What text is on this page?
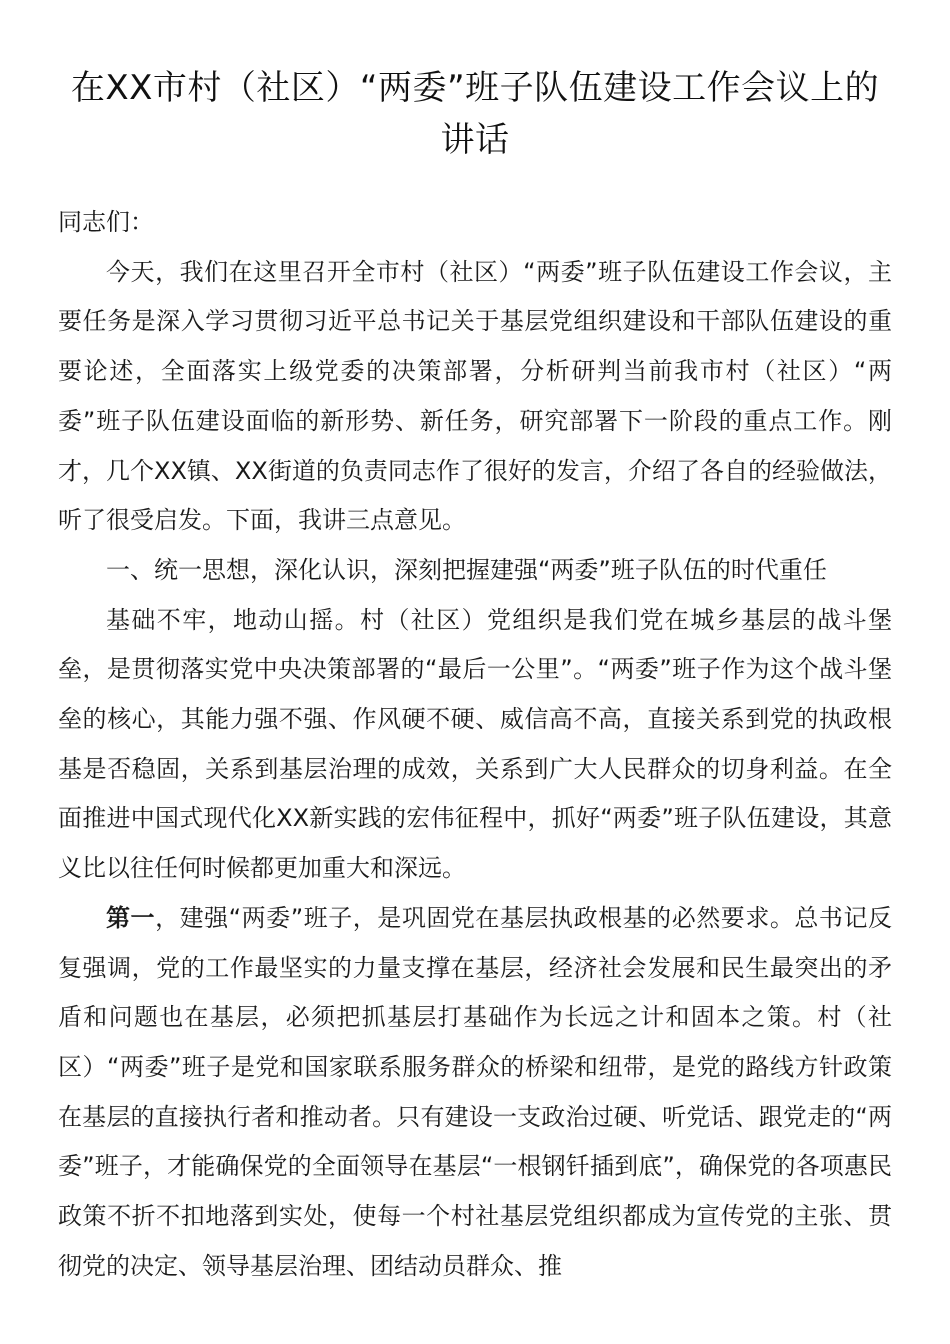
在XX市村（社区）“两委”班子队伍建设工作会议上的讲话

同志们：

今天，我们在这里召开全市村（社区）“两委”班子队伍建设工作会议，主要任务是深入学习贯彻习近平总书记关于基层党组织建设和干部队伍建设的重要论述，全面落实上级党委的决策部署，分析研判当前我市村（社区）“两委”班子队伍建设面临的新形势、新任务，研究部署下一阶段的重点工作。刚才，几个XX镇、XX街道的负责同志作了很好的发言，介绍了各自的经验做法，听了很受启发。下面，我讲三点意见。

一、统一思想，深化认识，深刻把握建强“两委”班子队伍的时代重任

基础不牢，地动山摇。村（社区）党组织是我们党在城乡基层的战斗堡垒，是贯彻落实党中央决策部署的“最后一公里”。“两委”班子作为这个战斗堡垒的核心，其能力强不强、作风硬不硬、威信高不高，直接关系到党的执政根基是否稳固，关系到基层治理的成效，关系到广大人民群众的切身利益。在全面推进中国式现代化XX新实践的宏伟征程中，抓好“两委”班子队伍建设，其意义比以往任何时候都更加重大和深远。

第一，建强“两委”班子，是巩固党在基层执政根基的必然要求。总书记反复强调，党的工作最坚实的力量支撑在基层，经济社会发展和民生最突出的矛盾和问题也在基层，必须把抓基层打基础作为长远之计和固本之策。村（社区）“两委”班子是党和国家联系服务群众的桥梁和纽带，是党的路线方针政策在基层的直接执行者和推动者。只有建设一支政治过硬、听党话、跟党走的“两委”班子，才能确保党的全面领导在基层“一根钢钎插到底”，确保党的各项惠民政策不折不扣地落到实处，使每一个村社基层党组织都成为宣传党的主张、贯彻党的决定、领导基层治理、团结动员群众、推
